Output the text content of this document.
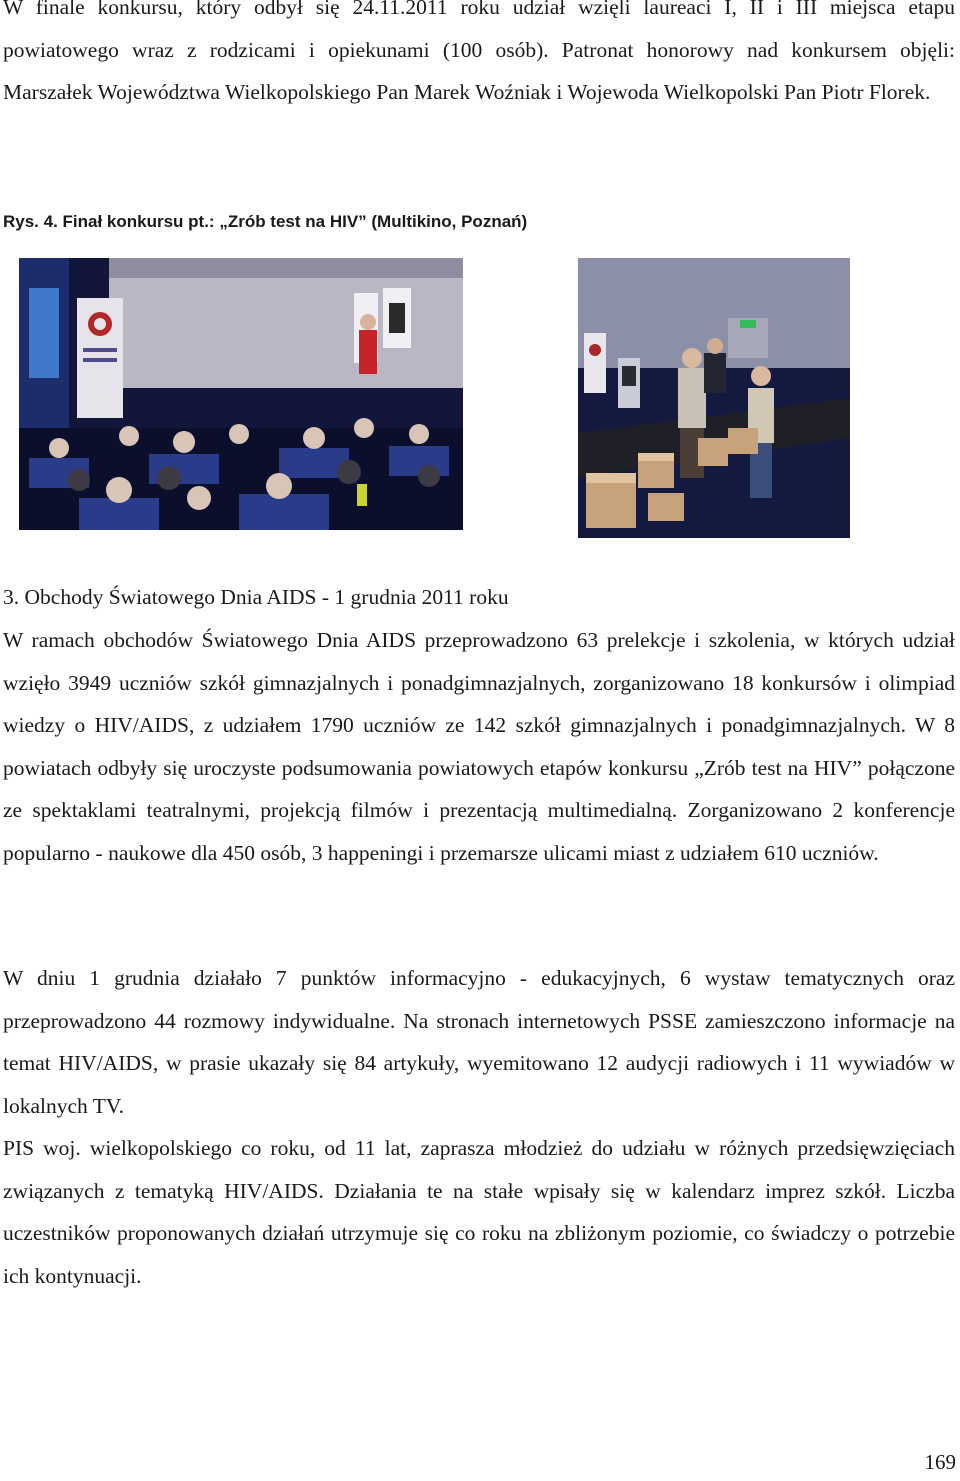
W finale konkursu, który odbył się 24.11.2011 roku udział wzięli laureaci I, II i III miejsca etapu powiatowego wraz z rodzicami i opiekunami (100 osób). Patronat honorowy nad konkursem objęli: Marszałek Województwa Wielkopolskiego Pan Marek Woźniak i Wojewoda Wielkopolski Pan Piotr Florek.

Rys. 4. Finał konkursu pt.: „Zrób test na HIV” (Multikino, Poznań)
3. Obchody Światowego Dnia AIDS - 1 grudnia 2011 roku

W ramach obchodów Światowego Dnia AIDS przeprowadzono 63 prelekcje i szkolenia, w których udział wzięło 3949 uczniów szkół gimnazjalnych i ponadgimnazjalnych, zorganizowano 18 konkursów i olimpiad wiedzy o HIV/AIDS, z udziałem 1790 uczniów ze 142 szkół gimnazjalnych i ponadgimnazjalnych. W 8 powiatach odbyły się uroczyste podsumowania powiatowych etapów konkursu „Zrób test na HIV” połączone ze spektaklami teatralnymi, projekcją filmów i prezentacją multimedialną. Zorganizowano 2 konferencje popularno - naukowe dla 450 osób, 3 happeningi i przemarsze ulicami miast z udziałem 610 uczniów.

W dniu 1 grudnia działało 7 punktów informacyjno - edukacyjnych, 6 wystaw tematycznych oraz przeprowadzono 44 rozmowy indywidualne. Na stronach internetowych PSSE zamieszczono informacje na temat HIV/AIDS, w prasie ukazały się 84 artykuły, wyemitowano 12 audycji radiowych i 11 wywiadów w lokalnych TV.

PIS woj. wielkopolskiego co roku, od 11 lat, zaprasza młodzież do udziału w różnych przedsięwzięciach związanych z tematyką HIV/AIDS. Działania te na stałe wpisały się w kalendarz imprez szkół. Liczba uczestników proponowanych działań utrzymuje się co roku na zbliżonym poziomie, co świadczy o potrzebie ich kontynuacji.

169
